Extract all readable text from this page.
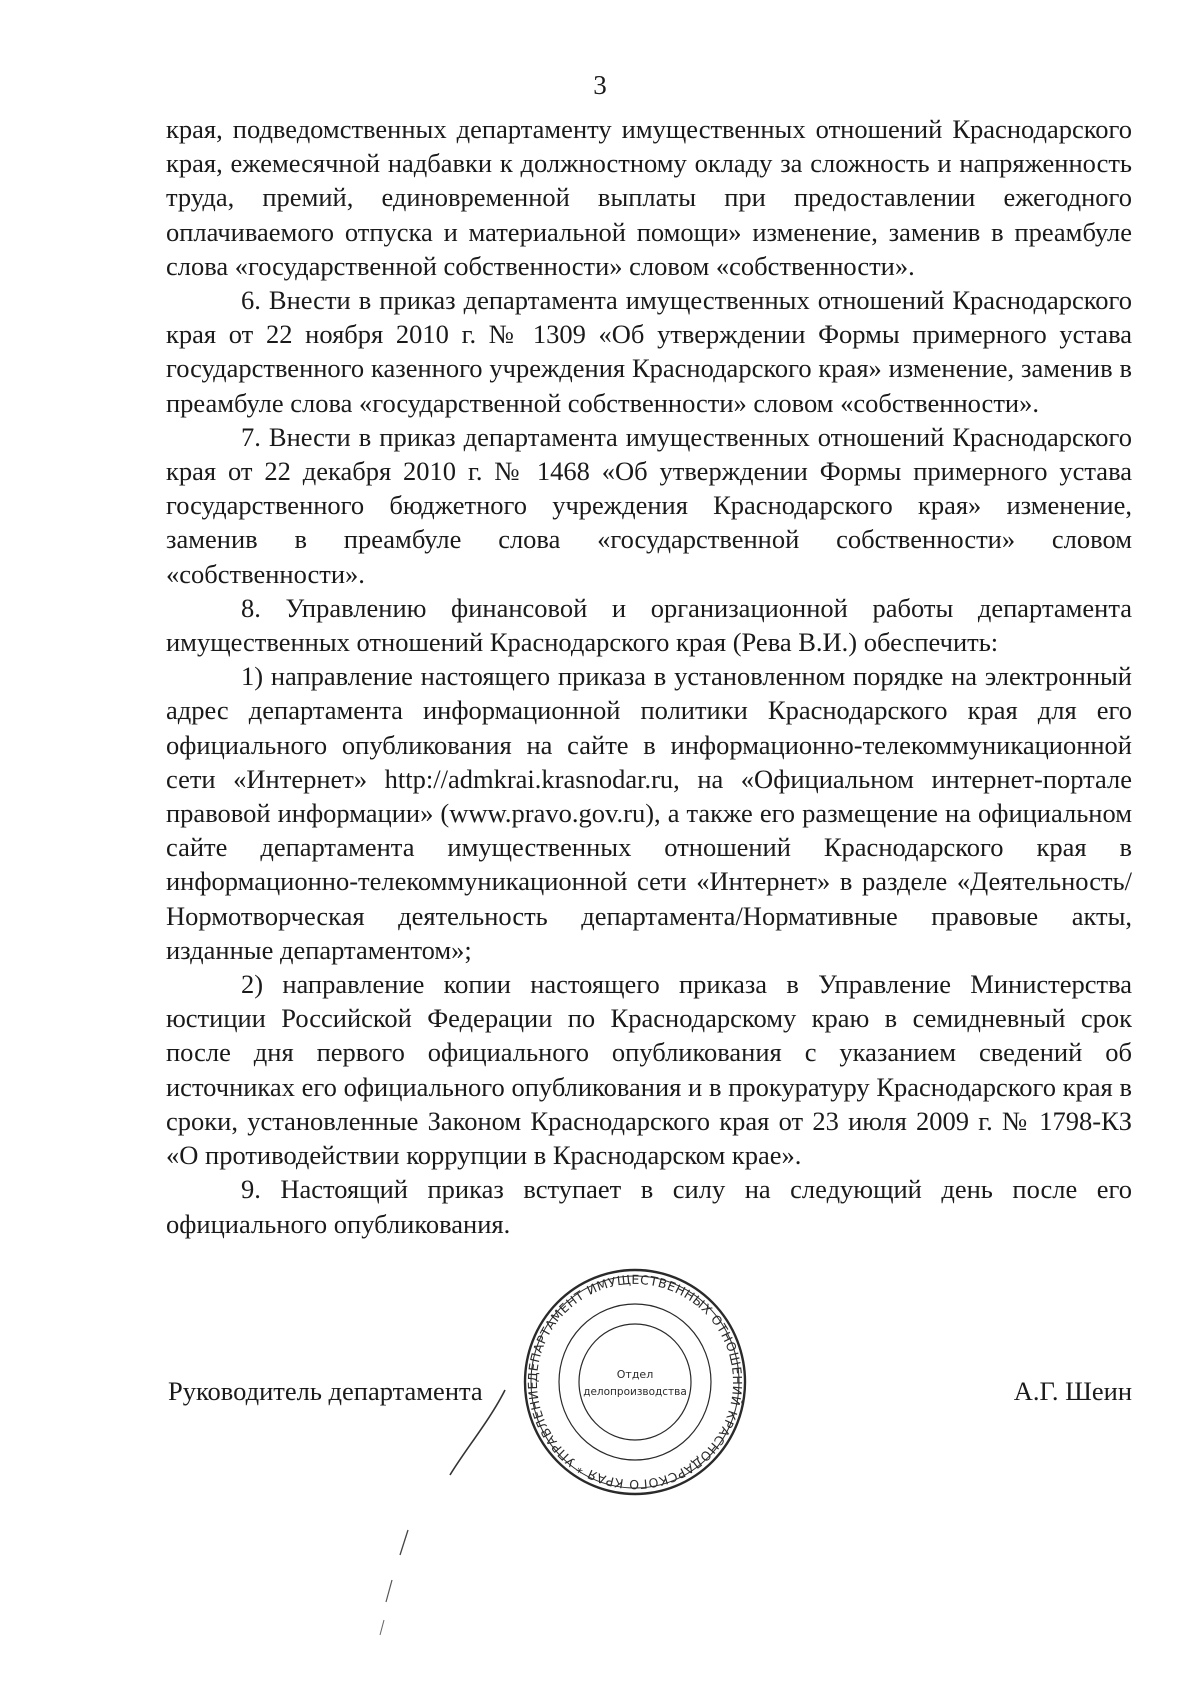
3

края, подведомственных департаменту имущественных отношений Краснодарского края, ежемесячной надбавки к должностному окладу за сложность и напряженность труда, премий, единовременной выплаты при предоставлении ежегодного оплачиваемого отпуска и материальной помощи» изменение, заменив в преамбуле слова «государственной собственности» словом «собственности».

6. Внести в приказ департамента имущественных отношений Краснодарского края от 22 ноября 2010 г. № 1309 «Об утверждении Формы примерного устава государственного казенного учреждения Краснодарского края» изменение, заменив в преамбуле слова «государственной собственности» словом «собственности».

7. Внести в приказ департамента имущественных отношений Краснодарского края от 22 декабря 2010 г. № 1468 «Об утверждении Формы примерного устава государственного бюджетного учреждения Краснодарского края» изменение, заменив в преамбуле слова «государственной собственности» словом «собственности».

8. Управлению финансовой и организационной работы департамента имущественных отношений Краснодарского края (Рева В.И.) обеспечить:

1) направление настоящего приказа в установленном порядке на электронный адрес департамента информационной политики Краснодарского края для его официального опубликования на сайте в информационно-телекоммуникационной сети «Интернет» http://admkrai.krasnodar.ru, на «Официальном интернет-портале правовой информации» (www.pravo.gov.ru), а также его размещение на официальном сайте департамента имущественных отношений Краснодарского края в информационно-телекоммуникационной сети «Интернет» в разделе «Деятельность/Нормотворческая деятельность департамента/Нормативные правовые акты, изданные департаментом»;

2) направление копии настоящего приказа в Управление Министерства юстиции Российской Федерации по Краснодарскому краю в семидневный срок после дня первого официального опубликования с указанием сведений об источниках его официального опубликования и в прокуратуру Краснодарского края в сроки, установленные Законом Краснодарского края от 23 июля 2009 г. № 1798-КЗ «О противодействии коррупции в Краснодарском крае».

9. Настоящий приказ вступает в силу на следующий день после его официального опубликования.

Руководитель департамента	А.Г. Шеин
ДЕПАРТАМЕНТ ИМУЩЕСТВЕННЫХ ОТНОШЕНИЙ КРАСНОДАРСКОГО КРАЯ * УПРАВЛЕНИЕ
Отдел
делопроизводства
